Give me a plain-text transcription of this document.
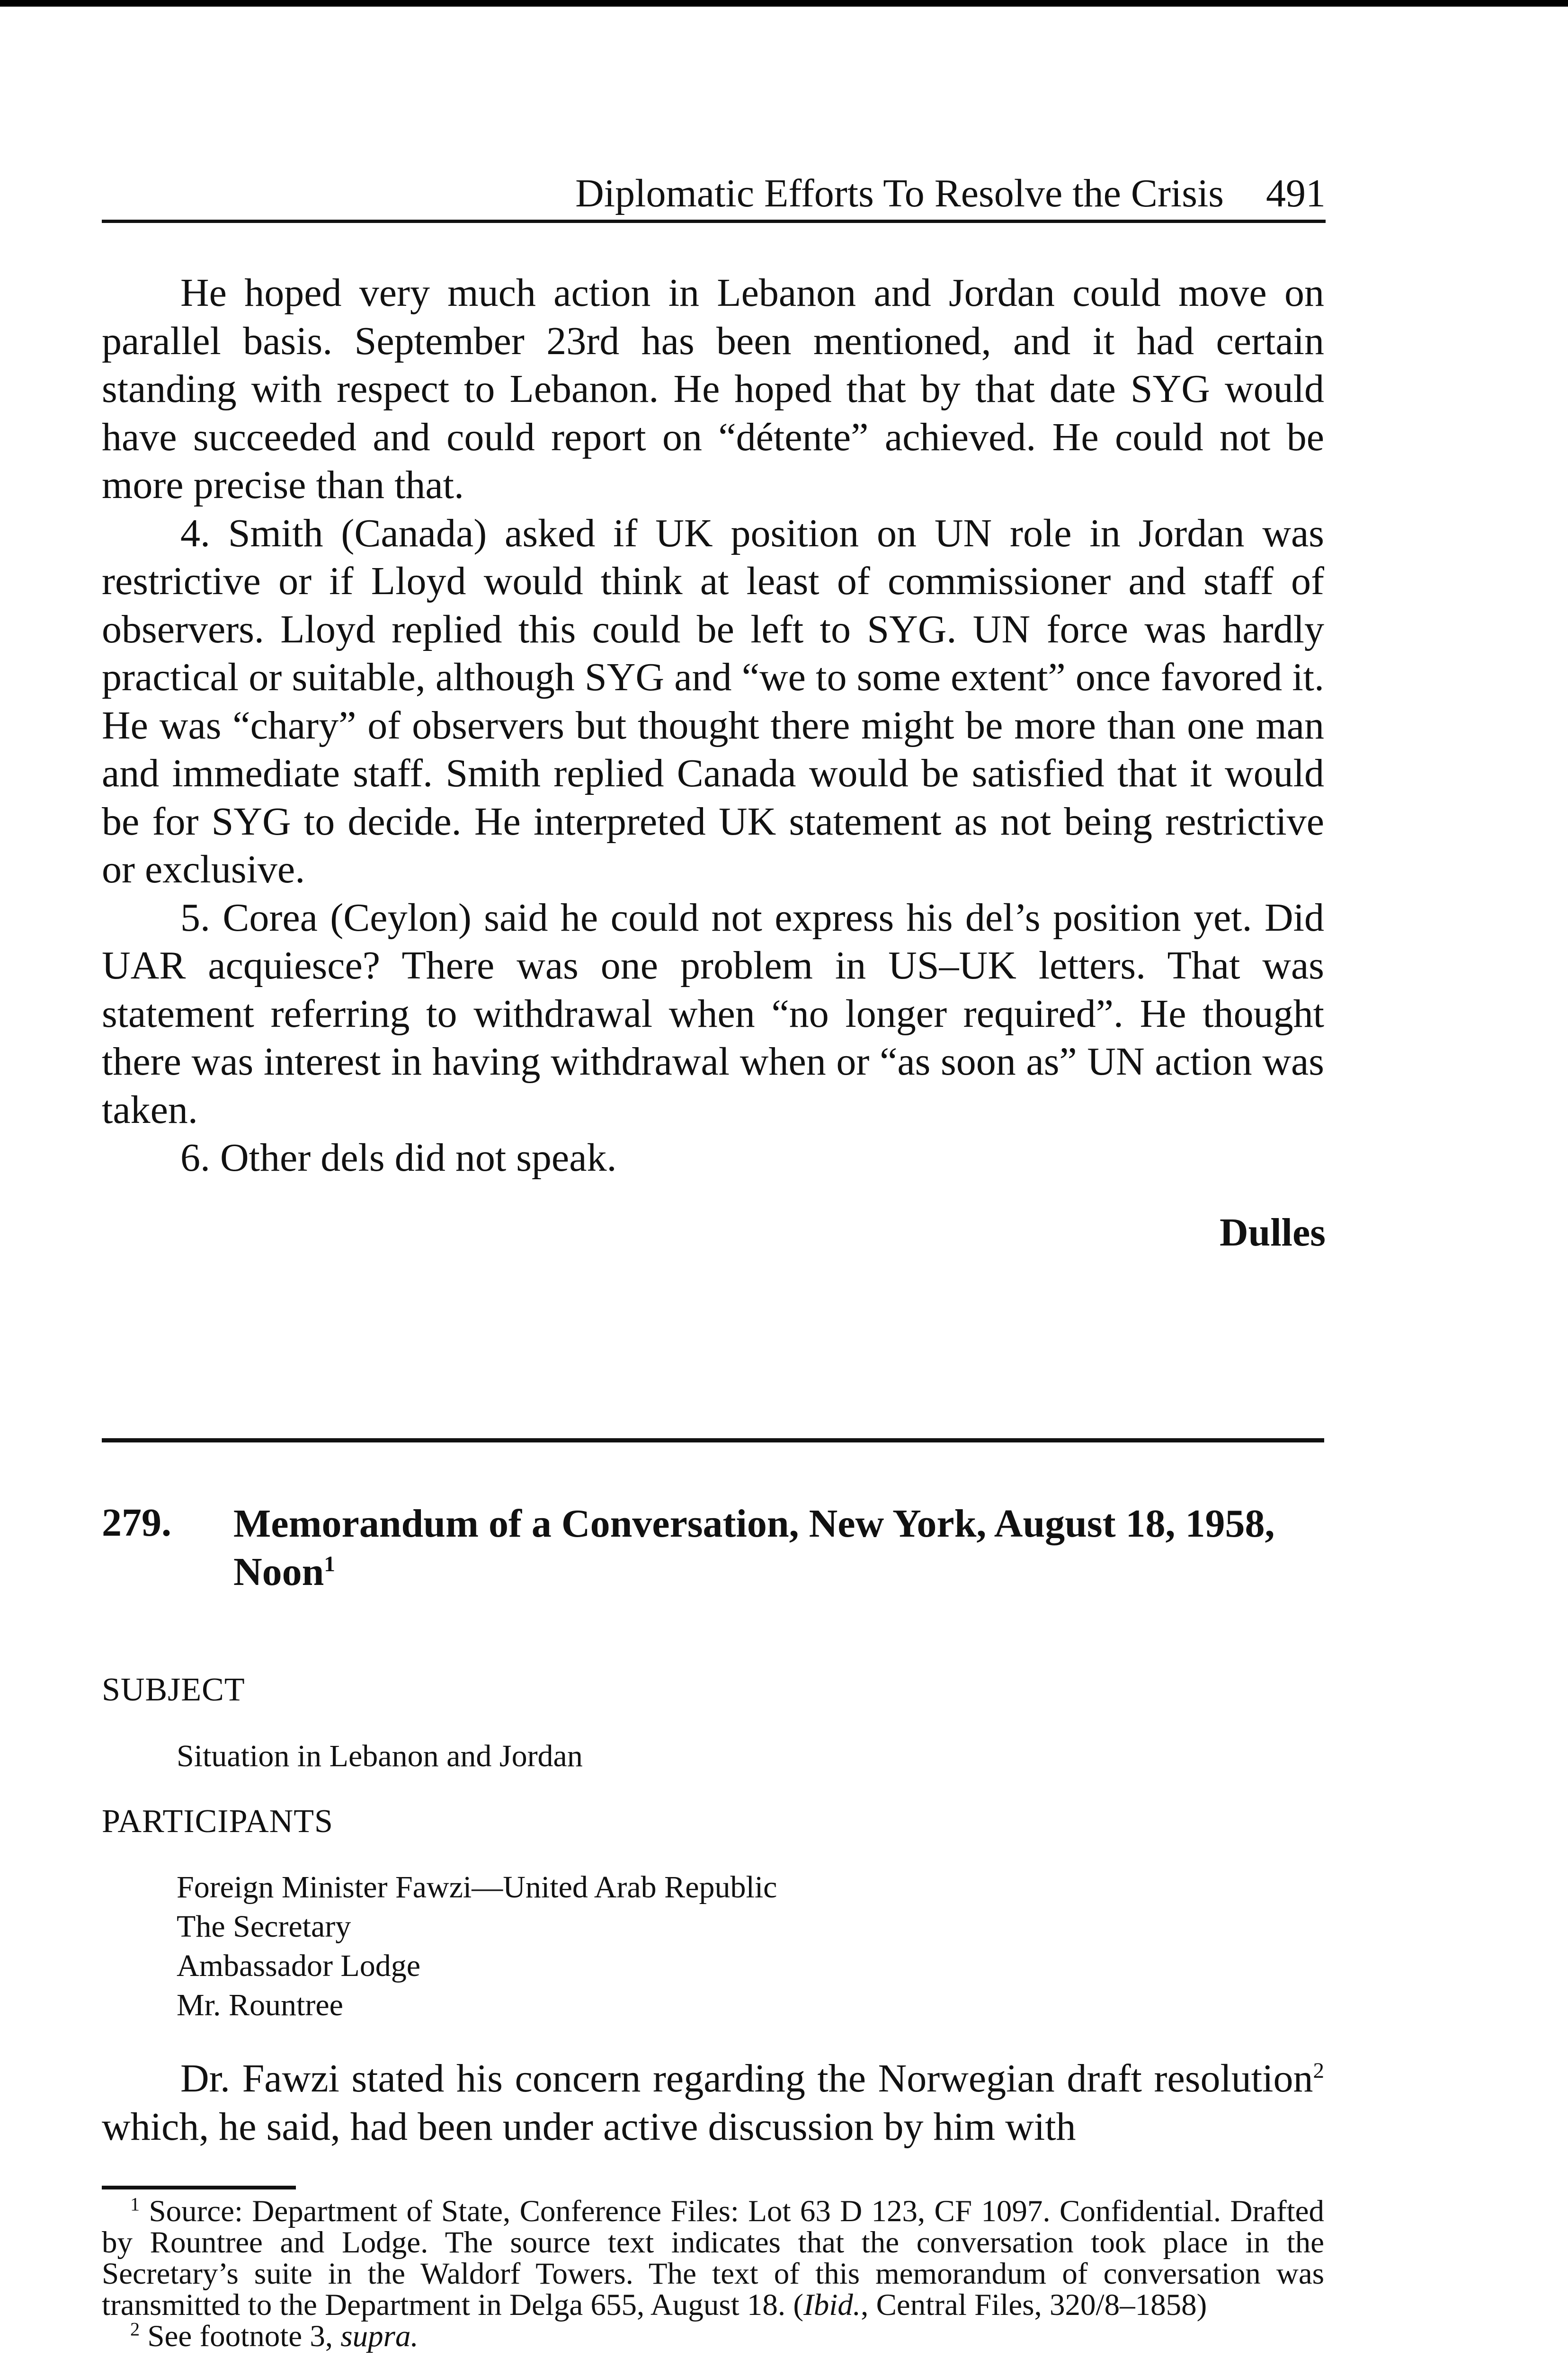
Diplomatic Efforts To Resolve the Crisis 491

He hoped very much action in Lebanon and Jordan could move on parallel basis. September 23rd has been mentioned, and it had certain standing with respect to Lebanon. He hoped that by that date SYG would have succeeded and could report on “détente” achieved. He could not be more precise than that.

4. Smith (Canada) asked if UK position on UN role in Jordan was restrictive or if Lloyd would think at least of commissioner and staff of observers. Lloyd replied this could be left to SYG. UN force was hardly practical or suitable, although SYG and “we to some extent” once favored it. He was “chary” of observers but thought there might be more than one man and immediate staff. Smith replied Canada would be satisfied that it would be for SYG to decide. He interpreted UK statement as not being restrictive or exclusive.

5. Corea (Ceylon) said he could not express his del’s position yet. Did UAR acquiesce? There was one problem in US–UK letters. That was statement referring to withdrawal when “no longer required”. He thought there was interest in having withdrawal when or “as soon as” UN action was taken.

6. Other dels did not speak.

Dulles
279. Memorandum of a Conversation, New York, August 18, 1958, Noon$^1$
SUBJECT
Situation in Lebanon and Jordan
PARTICIPANTS
Foreign Minister Fawzi—United Arab Republic
The Secretary
Ambassador Lodge
Mr. Rountree

Dr. Fawzi stated his concern regarding the Norwegian draft resolution$^2$ which, he said, had been under active discussion by him with

$^1$ Source: Department of State, Conference Files: Lot 63 D 123, CF 1097. Confidential. Drafted by Rountree and Lodge. The source text indicates that the conversation took place in the Secretary’s suite in the Waldorf Towers. The text of this memorandum of conversation was transmitted to the Department in Delga 655, August 18. (Ibid., Central Files, 320/8–1858)

$^2$ See footnote 3, supra.
